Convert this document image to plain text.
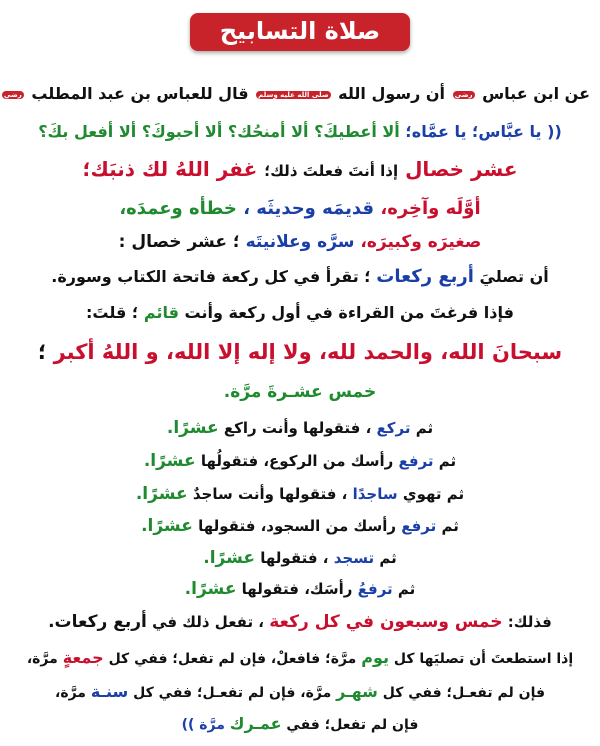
صلاة التسابيح
عن ابن عباس رضي أن رسول الله صلى الله عليه وسلم قال للعباس بن عبد المطلب رضي
(( يا عبَّاس؛ يا عمَّاه؛ ألا أعطيكَ؟ ألا أمنحُك؟ ألا أحبوكَ؟ ألا أفعل بكَ؟
عشر خصال إذا أنتَ فعلتَ ذلك؛ غفر اللهُ لك ذنبَك؛
أوَّلَه وآخِره، قديمَه وحديثَه ، خطأه وعمدَه،
صغيرَه وكبيرَه، سرَّه وعلانيتَه ؛ عشر خصال :
أن تصليَ أربع ركعات ؛ تقرأ في كل ركعة فاتحة الكتاب وسورة.
فإذا فرغتَ من القراءة في أول ركعة وأنت قائم ؛ قلتَ:
سبحانَ الله، والحمد لله، ولا إله إلا الله، و اللهُ أكبر ؛
خمس عشـرةَ مرَّة.
ثم تركع ، فتقولها وأنت راكع عشرًا.
ثم ترفع رأسك من الركوع، فتقولُها عشرًا.
ثم تهوي ساجدًا ، فتقولها وأنت ساجدٌ عشرًا.
ثم ترفع رأسك من السجود، فتقولها عشرًا.
ثم تسجد ، فتقولها عشرًا.
ثم ترفعُ رأسَك، فتقولها عشرًا.
فذلك: خمس وسبعون في كل ركعة ، تفعل ذلك في أربع ركعات.
إذا استطعتَ أن تصليَها كل يوم مرَّة؛ فافعلْ، فإن لم تفعل؛ ففي كل جمعةٍ مرَّة،
فإن لم تفعـل؛ ففي كل شهـر مرَّة، فإن لم تفعـل؛ ففي كل سنـة مرَّة،
فإن لم تفعل؛ ففي عمـرك مرَّة ))
